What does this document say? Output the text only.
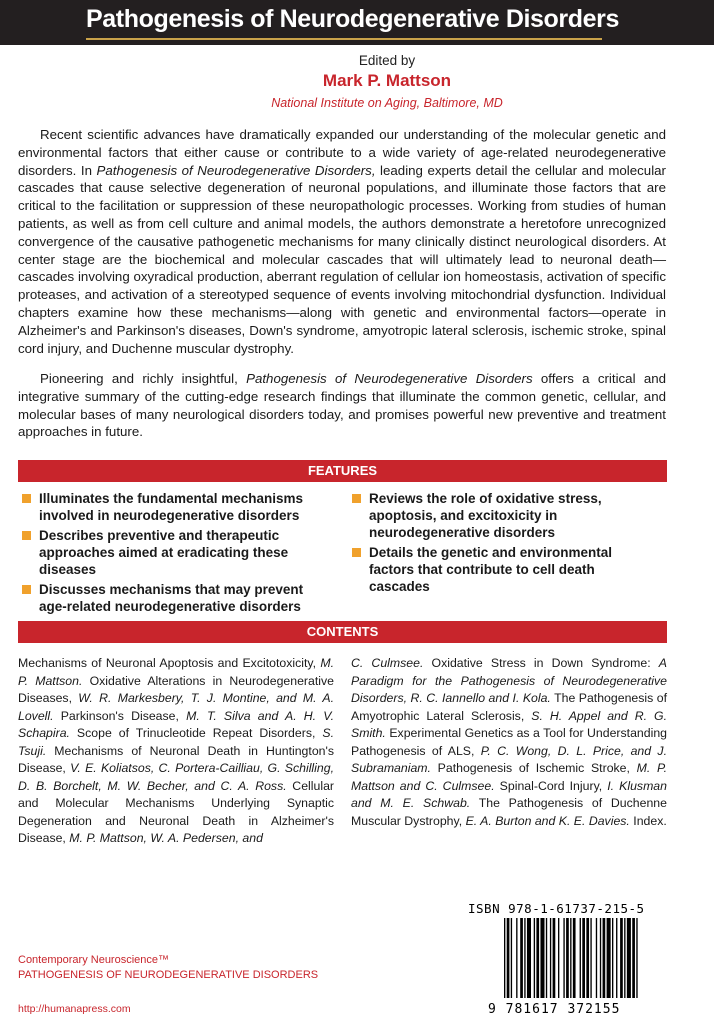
Pathogenesis of Neurodegenerative Disorders
Edited by
Mark P. Mattson
National Institute on Aging, Baltimore, MD

Recent scientific advances have dramatically expanded our understanding of the molecular genetic and environmental factors that either cause or contribute to a wide variety of age-related neurodegenerative disorders. In Pathogenesis of Neurodegenerative Disorders, leading experts detail the cellular and molecular cascades that cause selective degeneration of neuronal populations, and illuminate those factors that are critical to the facilitation or suppression of these neuropathologic processes. Working from studies of human patients, as well as from cell culture and animal models, the authors demonstrate a heretofore unrecognized convergence of the causative pathogenetic mechanisms for many clinically distinct neurological disorders. At center stage are the biochemical and molecular cascades that will ultimately lead to neuronal death—cascades involving oxyradical production, aberrant regulation of cellular ion homeostasis, activation of specific proteases, and activation of a stereotyped sequence of events involving mitochondrial dysfunction. Individual chapters examine how these mechanisms—along with genetic and environmental factors—operate in Alzheimer's and Parkinson's diseases, Down's syndrome, amyotropic lateral sclerosis, ischemic stroke, spinal cord injury, and Duchenne muscular dystrophy.

Pioneering and richly insightful, Pathogenesis of Neurodegenerative Disorders offers a critical and integrative summary of the cutting-edge research findings that illuminate the common genetic, cellular, and molecular bases of many neurological disorders today, and promises powerful new preventive and treatment approaches in future.

FEATURES
Illuminates the fundamental mechanisms involved in neurodegenerative disorders
Describes preventive and therapeutic approaches aimed at eradicating these diseases
Discusses mechanisms that may prevent age-related neurodegenerative disorders
Reviews the role of oxidative stress, apoptosis, and excitoxicity in neurodegenerative disorders
Details the genetic and environmental factors that contribute to cell death cascades
CONTENTS

Mechanisms of Neuronal Apoptosis and Excitotoxicity, M. P. Mattson. Oxidative Alterations in Neurodegenerative Diseases, W. R. Markesbery, T. J. Montine, and M. A. Lovell. Parkinson's Disease, M. T. Silva and A. H. V. Schapira. Scope of Trinucleotide Repeat Disorders, S. Tsuji. Mechanisms of Neuronal Death in Huntington's Disease, V. E. Koliatsos, C. Portera-Cailliau, G. Schilling, D. B. Borchelt, M. W. Becher, and C. A. Ross. Cellular and Molecular Mechanisms Underlying Synaptic Degeneration and Neuronal Death in Alzheimer's Disease, M. P. Mattson, W. A. Pedersen, and

C. Culmsee. Oxidative Stress in Down Syndrome: A Paradigm for the Pathogenesis of Neurodegenerative Disorders, R. C. Iannello and I. Kola. The Pathogenesis of Amyotrophic Lateral Sclerosis, S. H. Appel and R. G. Smith. Experimental Genetics as a Tool for Understanding Pathogenesis of ALS, P. C. Wong, D. L. Price, and J. Subramaniam. Pathogenesis of Ischemic Stroke, M. P. Mattson and C. Culmsee. Spinal-Cord Injury, I. Klusman and M. E. Schwab. The Pathogenesis of Duchenne Muscular Dystrophy, E. A. Burton and K. E. Davies. Index.

Contemporary Neuroscience™
PATHOGENESIS OF NEURODEGENERATIVE DISORDERS
http://humanapress.com
ISBN 978-1-61737-215-5
9 781617 372155
